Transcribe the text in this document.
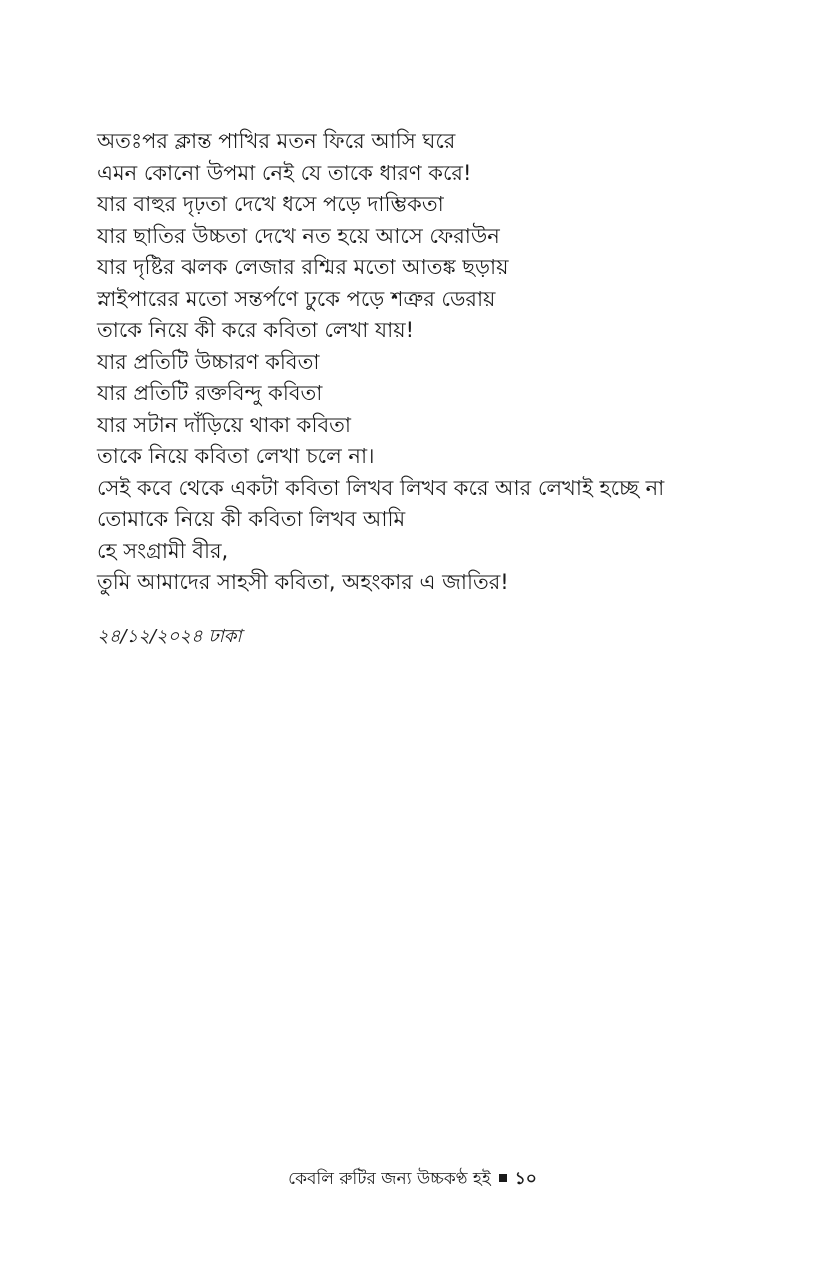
অতঃপর ক্লান্ত পাখির মতন ফিরে আসি ঘরে
এমন কোনো উপমা নেই যে তাকে ধারণ করে!
যার বাহুর দৃঢ়তা দেখে ধসে পড়ে দাম্ভিকতা
যার ছাতির উচ্চতা দেখে নত হয়ে আসে ফেরাউন
যার দৃষ্টির ঝলক লেজার রশ্মির মতো আতঙ্ক ছড়ায়
স্নাইপারের মতো সন্তর্পণে ঢুকে পড়ে শত্রুর ডেরায়
তাকে নিয়ে কী করে কবিতা লেখা যায়!
যার প্রতিটি উচ্চারণ কবিতা
যার প্রতিটি রক্তবিন্দু কবিতা
যার সটান দাঁড়িয়ে থাকা কবিতা
তাকে নিয়ে কবিতা লেখা চলে না।
সেই কবে থেকে একটা কবিতা লিখব লিখব করে আর লেখাই হচ্ছে না
তোমাকে নিয়ে কী কবিতা লিখব আমি
হে সংগ্রামী বীর,
তুমি আমাদের সাহসী কবিতা, অহংকার এ জাতির!
২৪/১২/২০২৪ ঢাকা
কেবলি রুটির জন্য উচ্চকণ্ঠ হই ১০
